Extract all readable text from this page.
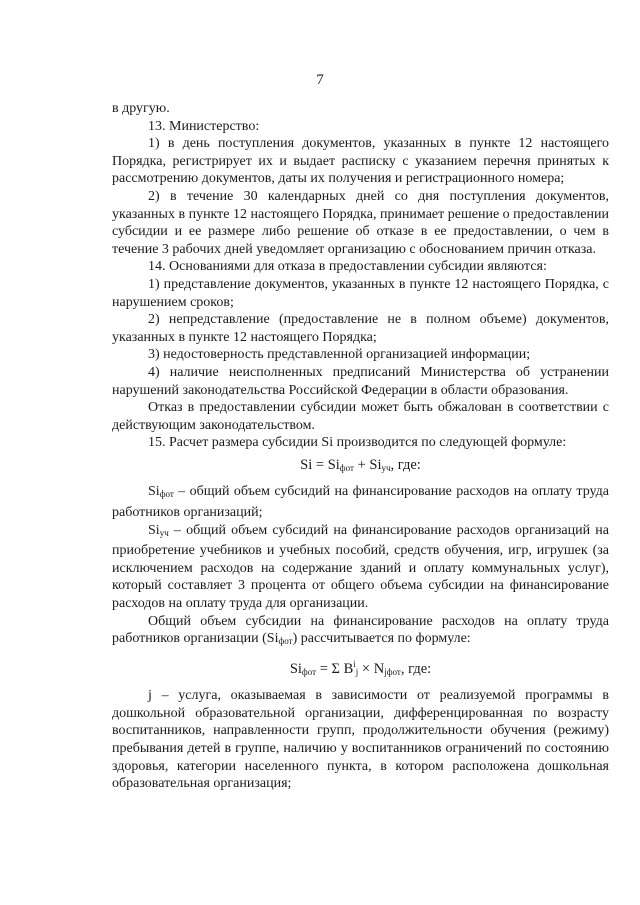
7

в другую.

13. Министерство:

1) в день поступления документов, указанных в пункте 12 настоящего Порядка, регистрирует их и выдает расписку с указанием перечня принятых к рассмотрению документов, даты их получения и регистрационного номера;

2) в течение 30 календарных дней со дня поступления документов, указанных в пункте 12 настоящего Порядка, принимает решение о предоставлении субсидии и ее размере либо решение об отказе в ее предоставлении, о чем в течение 3 рабочих дней уведомляет организацию с обоснованием причин отказа.

14. Основаниями для отказа в предоставлении субсидии являются:

1) представление документов, указанных в пункте 12 настоящего Порядка, с нарушением сроков;

2) непредставление (предоставление не в полном объеме) документов, указанных в пункте 12 настоящего Порядка;

3) недостоверность представленной организацией информации;

4) наличие неисполненных предписаний Министерства об устранении нарушений законодательства Российской Федерации в области образования.

Отказ в предоставлении субсидии может быть обжалован в соответствии с действующим законодательством.

15. Расчет размера субсидии Si производится по следующей формуле:

$Si = Si_{фот} + Si_{уч}$, где:

$Si_{фот}$ – общий объем субсидий на финансирование расходов на оплату труда работников организаций;

$Si_{уч}$ – общий объем субсидий на финансирование расходов организаций на приобретение учебников и учебных пособий, средств обучения, игр, игрушек (за исключением расходов на содержание зданий и оплату коммунальных услуг), который составляет 3 процента от общего объема субсидии на финансирование расходов на оплату труда для организации.

Общий объем субсидии на финансирование расходов на оплату труда работников организации $(Si_{фот})$ рассчитывается по формуле:

$Si_{фот} = \Sigma$ $B^i_j \times N_{jфот}$, где:

j – услуга, оказываемая в зависимости от реализуемой программы в дошкольной образовательной организации, дифференцированная по возрасту воспитанников, направленности групп, продолжительности обучения (режиму) пребывания детей в группе, наличию у воспитанников ограничений по состоянию здоровья, категории населенного пункта, в котором расположена дошкольная образовательная организация;
